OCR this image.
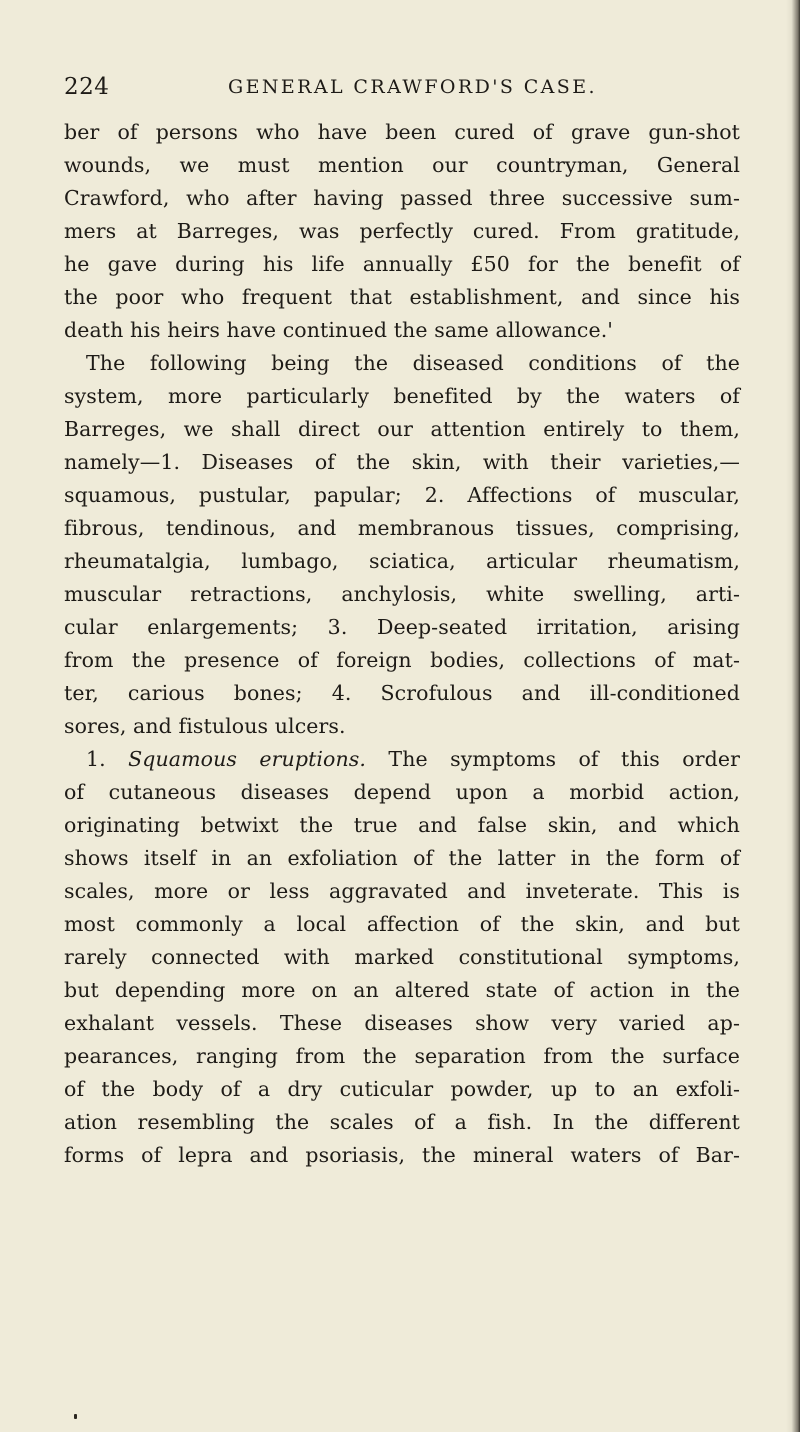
224	GENERAL CRAWFORD'S CASE.
ber of persons who have been cured of grave gun-shot
wounds, we must mention our countryman, General
Crawford, who after having passed three successive sum-
mers at Barreges, was perfectly cured. From gratitude,
he gave during his life annually £50 for the benefit of
the poor who frequent that establishment, and since his
death his heirs have continued the same allowance.'
The following being the diseased conditions of the
system, more particularly benefited by the waters of
Barreges, we shall direct our attention entirely to them,
namely—1. Diseases of the skin, with their varieties,—
squamous, pustular, papular; 2. Affections of muscular,
fibrous, tendinous, and membranous tissues, comprising,
rheumatalgia, lumbago, sciatica, articular rheumatism,
muscular retractions, anchylosis, white swelling, arti-
cular enlargements; 3. Deep-seated irritation, arising
from the presence of foreign bodies, collections of mat-
ter, carious bones; 4. Scrofulous and ill-conditioned
sores, and fistulous ulcers.
1. Squamous eruptions. The symptoms of this order
of cutaneous diseases depend upon a morbid action,
originating betwixt the true and false skin, and which
shows itself in an exfoliation of the latter in the form of
scales, more or less aggravated and inveterate. This is
most commonly a local affection of the skin, and but
rarely connected with marked constitutional symptoms,
but depending more on an altered state of action in the
exhalant vessels. These diseases show very varied ap-
pearances, ranging from the separation from the surface
of the body of a dry cuticular powder, up to an exfoli-
ation resembling the scales of a fish. In the different
forms of lepra and psoriasis, the mineral waters of Bar-
